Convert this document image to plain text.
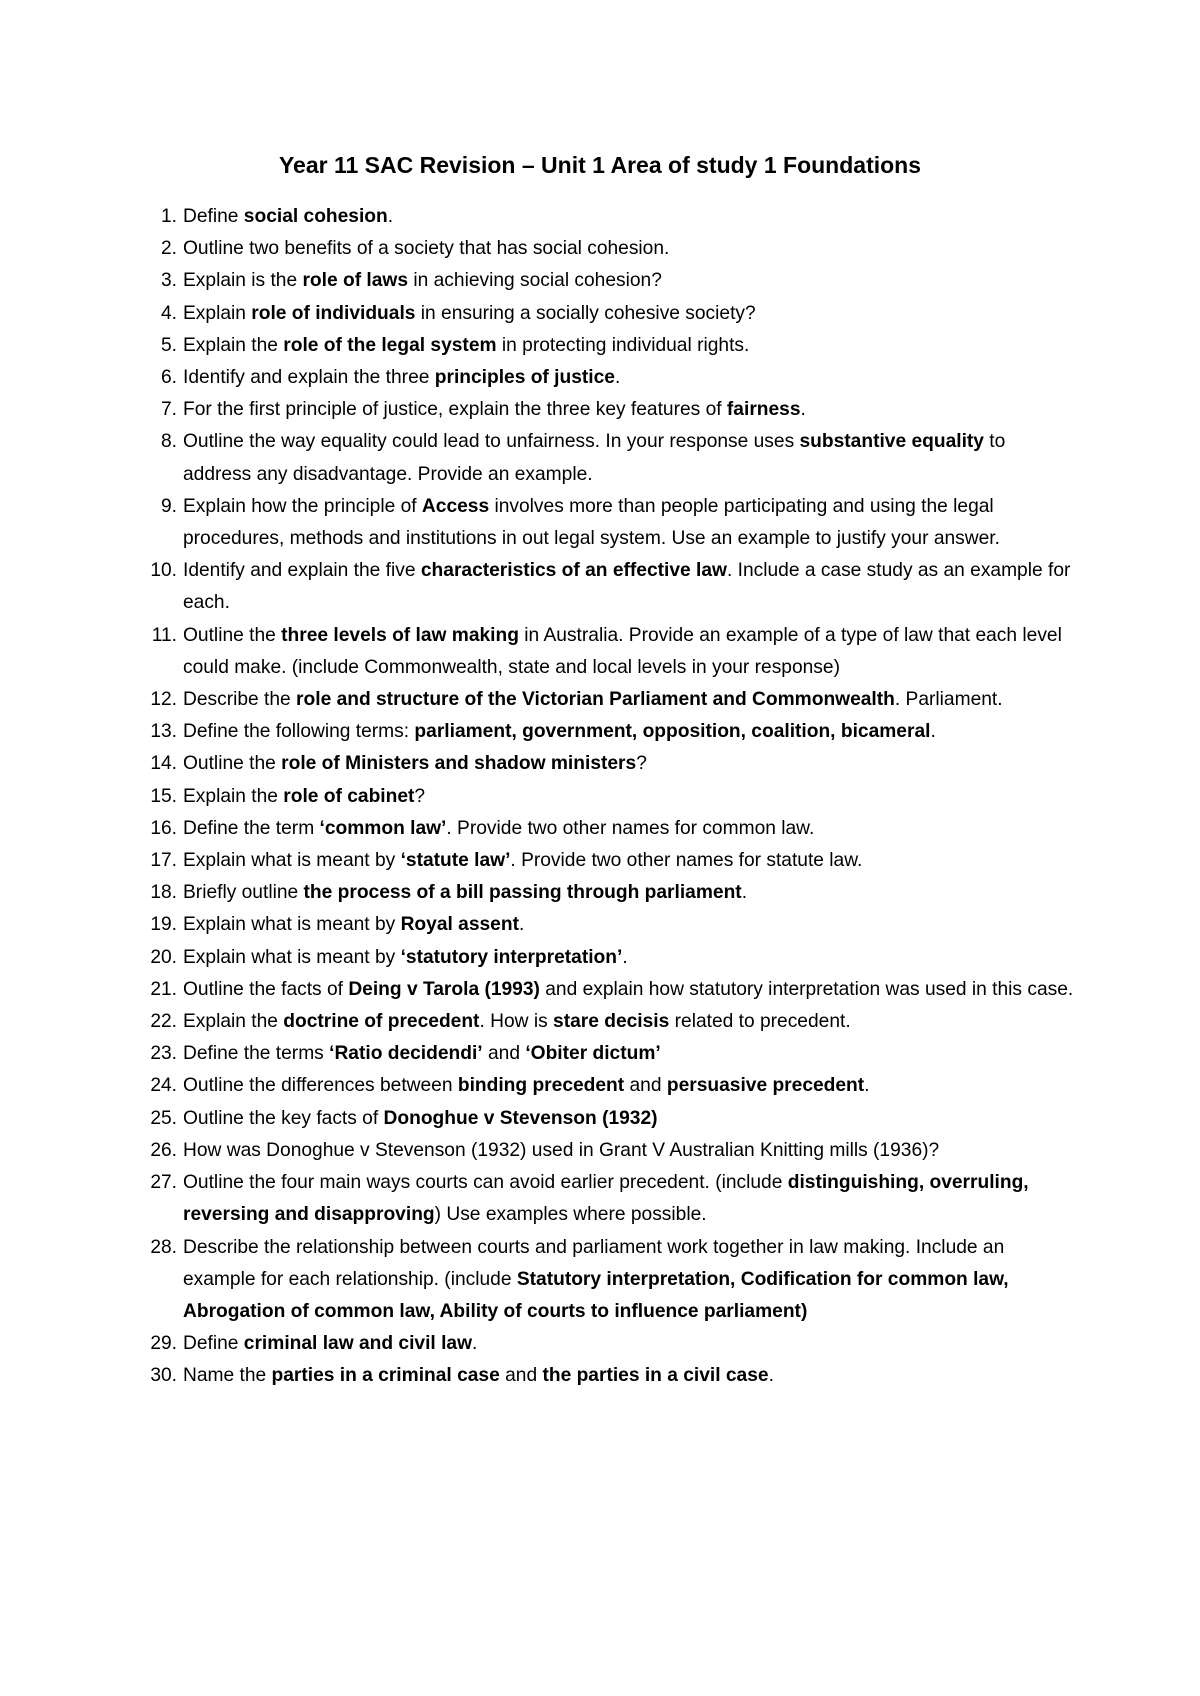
Year 11 SAC Revision – Unit 1 Area of study 1 Foundations
1. Define social cohesion.
2. Outline two benefits of a society that has social cohesion.
3. Explain is the role of laws in achieving social cohesion?
4. Explain role of individuals in ensuring a socially cohesive society?
5. Explain the role of the legal system in protecting individual rights.
6. Identify and explain the three principles of justice.
7. For the first principle of justice, explain the three key features of fairness.
8. Outline the way equality could lead to unfairness. In your response uses substantive equality to address any disadvantage. Provide an example.
9. Explain how the principle of Access involves more than people participating and using the legal procedures, methods and institutions in out legal system. Use an example to justify your answer.
10. Identify and explain the five characteristics of an effective law. Include a case study as an example for each.
11. Outline the three levels of law making in Australia. Provide an example of a type of law that each level could make. (include Commonwealth, state and local levels in your response)
12. Describe the role and structure of the Victorian Parliament and Commonwealth. Parliament.
13. Define the following terms: parliament, government, opposition, coalition, bicameral.
14. Outline the role of Ministers and shadow ministers?
15. Explain the role of cabinet?
16. Define the term ‘common law’. Provide two other names for common law.
17. Explain what is meant by ‘statute law’. Provide two other names for statute law.
18. Briefly outline the process of a bill passing through parliament.
19. Explain what is meant by Royal assent.
20. Explain what is meant by ‘statutory interpretation’.
21. Outline the facts of Deing v Tarola (1993) and explain how statutory interpretation was used in this case.
22. Explain the doctrine of precedent. How is stare decisis related to precedent.
23. Define the terms ‘Ratio decidendi’ and ‘Obiter dictum’
24. Outline the differences between binding precedent and persuasive precedent.
25. Outline the key facts of Donoghue v Stevenson (1932)
26. How was Donoghue v Stevenson (1932) used in Grant V Australian Knitting mills (1936)?
27. Outline the four main ways courts can avoid earlier precedent. (include distinguishing, overruling, reversing and disapproving) Use examples where possible.
28. Describe the relationship between courts and parliament work together in law making. Include an example for each relationship. (include Statutory interpretation, Codification for common law, Abrogation of common law, Ability of courts to influence parliament)
29. Define criminal law and civil law.
30. Name the parties in a criminal case and the parties in a civil case.
